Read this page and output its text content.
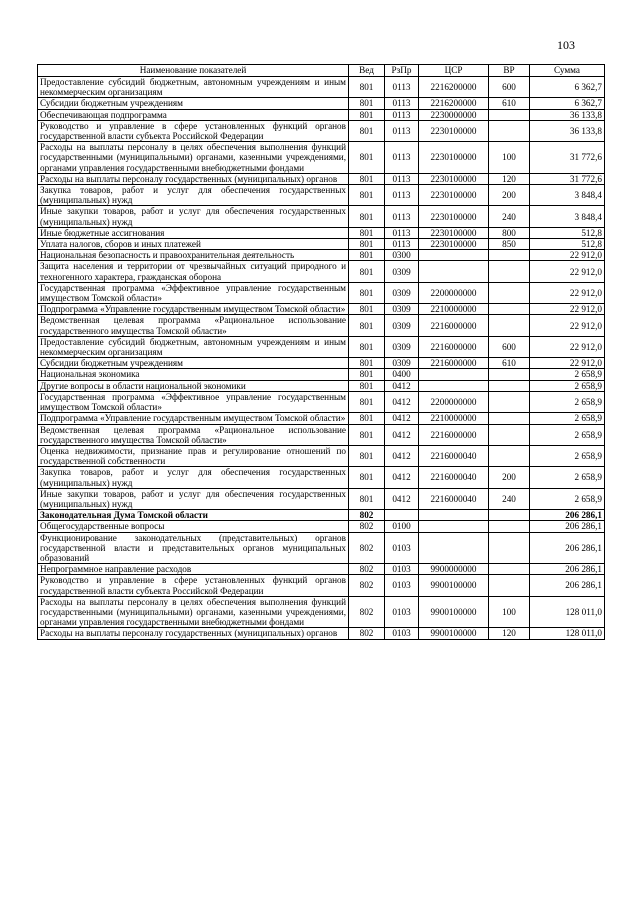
103
Наименование показателей	Вед	РзПр	ЦСР	ВР	Сумма
Предоставление субсидий бюджетным, автономным учреждениям и иным некоммерческим организациям	801	0113	2216200000	600	6 362,7
Субсидии бюджетным учреждениям	801	0113	2216200000	610	6 362,7
Обеспечивающая подпрограмма	801	0113	2230000000		36 133,8
Руководство и управление в сфере установленных функций органов государственной власти субъекта Российской Федерации	801	0113	2230100000		36 133,8
Расходы на выплаты персоналу в целях обеспечения выполнения функций государственными (муниципальными) органами, казенными учреждениями, органами управления государственными внебюджетными фондами	801	0113	2230100000	100	31 772,6
Расходы на выплаты персоналу государственных (муниципальных) органов	801	0113	2230100000	120	31 772,6
Закупка товаров, работ и услуг для обеспечения государственных (муниципальных) нужд	801	0113	2230100000	200	3 848,4
Иные закупки товаров, работ и услуг для обеспечения государственных (муниципальных) нужд	801	0113	2230100000	240	3 848,4
Иные бюджетные ассигнования	801	0113	2230100000	800	512,8
Уплата налогов, сборов и иных платежей	801	0113	2230100000	850	512,8
Национальная безопасность и правоохранительная деятельность	801	0300			22 912,0
Защита населения и территории от чрезвычайных ситуаций природного и техногенного характера, гражданская оборона	801	0309			22 912,0
Государственная программа «Эффективное управление государственным имуществом Томской области»	801	0309	2200000000		22 912,0
Подпрограмма «Управление государственным имуществом Томской области»	801	0309	2210000000		22 912,0
Ведомственная целевая программа «Рациональное использование государственного имущества Томской области»	801	0309	2216000000		22 912,0
Предоставление субсидий бюджетным, автономным учреждениям и иным некоммерческим организациям	801	0309	2216000000	600	22 912,0
Субсидии бюджетным учреждениям	801	0309	2216000000	610	22 912,0
Национальная экономика	801	0400			2 658,9
Другие вопросы в области национальной экономики	801	0412			2 658,9
Государственная программа «Эффективное управление государственным имуществом Томской области»	801	0412	2200000000		2 658,9
Подпрограмма «Управление государственным имуществом Томской области»	801	0412	2210000000		2 658,9
Ведомственная целевая программа «Рациональное использование государственного имущества Томской области»	801	0412	2216000000		2 658,9
Оценка недвижимости, признание прав и регулирование отношений по государственной собственности	801	0412	2216000040		2 658,9
Закупка товаров, работ и услуг для обеспечения государственных (муниципальных) нужд	801	0412	2216000040	200	2 658,9
Иные закупки товаров, работ и услуг для обеспечения государственных (муниципальных) нужд	801	0412	2216000040	240	2 658,9
Законодательная Дума Томской области	802				206 286,1
Общегосударственные вопросы	802	0100			206 286,1
Функционирование законодательных (представительных) органов государственной власти и представительных органов муниципальных образований	802	0103			206 286,1
Непрограммное направление расходов	802	0103	9900000000		206 286,1
Руководство и управление в сфере установленных функций органов государственной власти субъекта Российской Федерации	802	0103	9900100000		206 286,1
Расходы на выплаты персоналу в целях обеспечения выполнения функций государственными (муниципальными) органами, казенными учреждениями, органами управления государственными внебюджетными фондами	802	0103	9900100000	100	128 011,0
Расходы на выплаты персоналу государственных (муниципальных) органов	802	0103	9900100000	120	128 011,0
